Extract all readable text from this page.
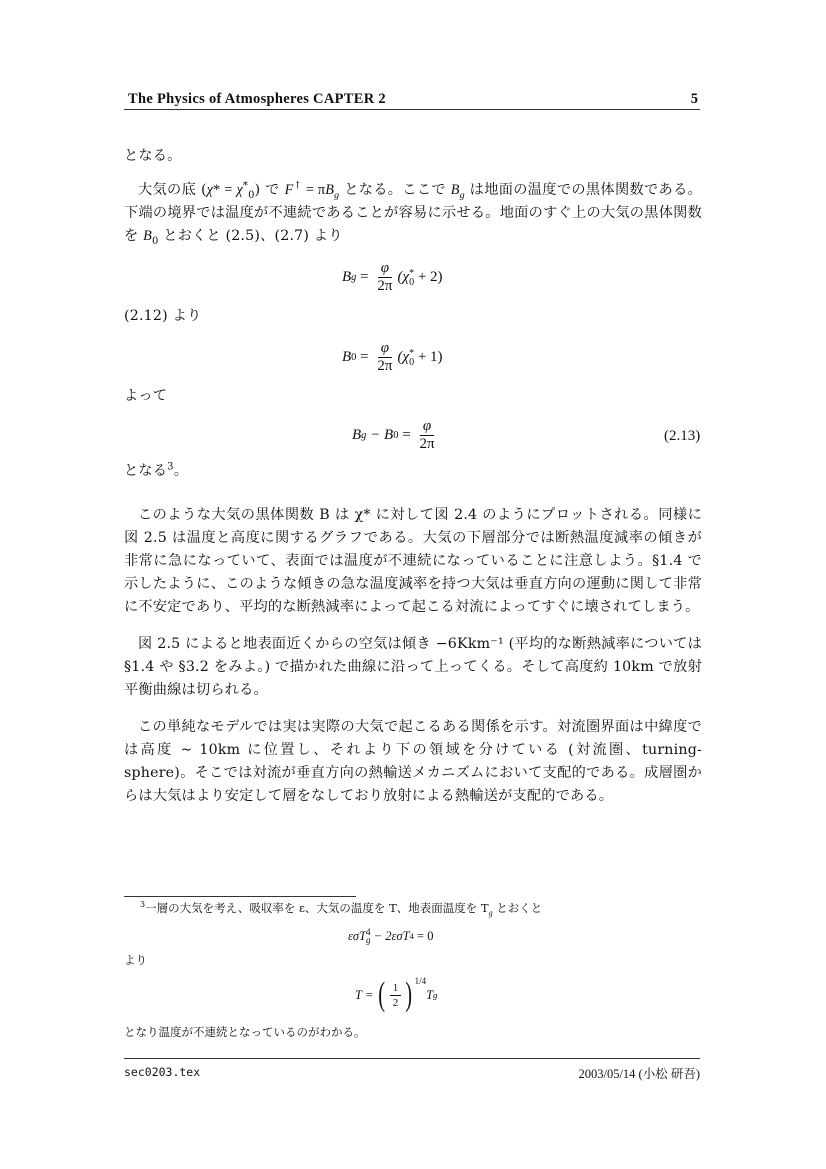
The Physics of Atmospheres CAPTER 2	5
となる。
大気の底 $(\chi* = \chi^*_0)$ で $F^↑ = \pi B_g$ となる。ここで $B_g$ は地面の温度での黒体関数である。下端の境界では温度が不連続であることが容易に示せる。地面のすぐ上の大気の黒体関数を $B_0$ とおくと (2.5)、(2.7) より
B $g = \frac{\varphi}{2\pi} (\chi$ *
0 + 2)
(2.12) より
B $0 = \frac{\varphi}{2\pi} (\chi$ *
0 + 1)
よって
B g − B $0 = \frac{\varphi}{2\pi}$	(2.13)
となる$^3$。
このような大気の黒体関数 B は χ* に対して図 2.4 のようにプロットされる。同様に図 2.5 は温度と高度に関するグラフである。大気の下層部分では断熱温度減率の傾きが非常に急になっていて、表面では温度が不連続になっていることに注意しよう。§1.4 で示したように、このような傾きの急な温度減率を持つ大気は垂直方向の運動に関して非常に不安定であり、平均的な断熱減率によって起こる対流によってすぐに壊されてしまう。
図 2.5 によると地表面近くからの空気は傾き −6Kkm⁻¹ (平均的な断熱減率については §1.4 や §3.2 をみよ。) で描かれた曲線に沿って上ってくる。そして高度約 10km で放射平衡曲線は切られる。
この単純なモデルでは実は実際の大気で起こるある関係を示す。対流圏界面は中緯度では高度 ∼ 10km に位置し、それより下の領域を分けている (対流圏、turning-sphere)。そこでは対流が垂直方向の熱輸送メカニズムにおいて支配的である。成層圏からは大気はより安定して層をなしており放射による熱輸送が支配的である。
$^3$一層の大気を考え、吸収率を ε、大気の温度を T、地表面温度を $T_g$ とおくと
εσT 4
g − 2εσT 4 = 0
より
T = ( $\frac{1}{2}$ ) 1/4
T g
となり温度が不連続となっているのがわかる。
sec0203.tex	2003/05/14 (小松 研吾)
